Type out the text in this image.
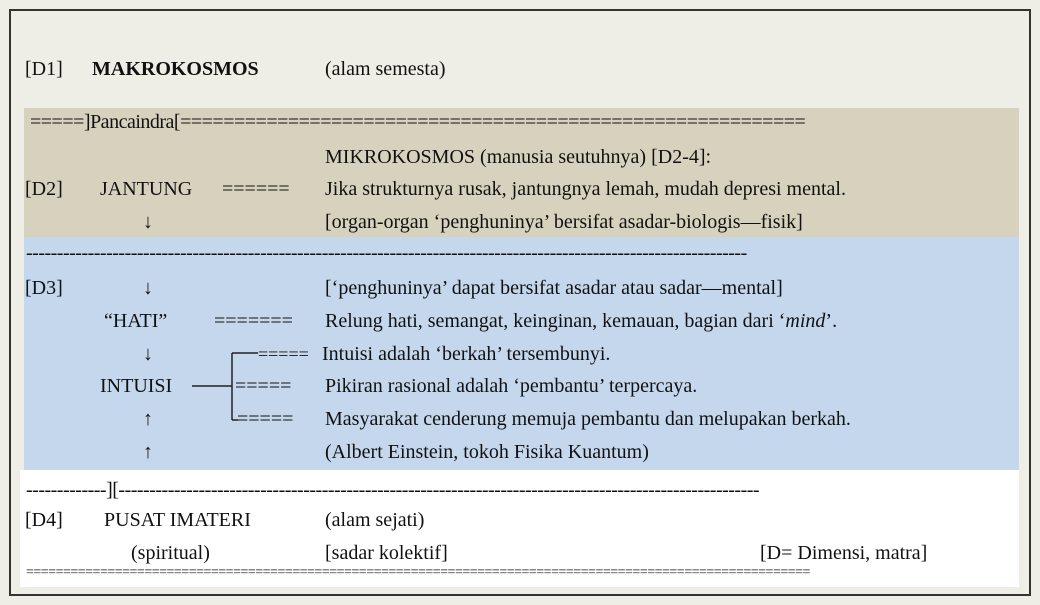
[D1] MAKROKOSMOS	(alam semesta)
=====]Pancaindra[==========================================================
MIKROKOSMOS (manusia seutuhnya) [D2-4]:
[D2] JANTUNG ====== Jika strukturnya rusak, jantungnya lemah, mudah depresi mental.
↓	[organ-organ ‘penghuninya’ bersifat asadar-biologis—fisik]
---------------------------------------------------------------------------------------------------------------------
[D3]	↓	[‘penghuninya’ dapat bersifat asadar atau sadar—mental]
“HATI” ======= Relung hati, semangat, keinginan, kemauan, bagian dari ‘mind’.
↓	===== Intuisi adalah ‘berkah’ tersembunyi.
INTUISI	===== Pikiran rasional adalah ‘pembantu’ terpercaya.
↑	===== Masyarakat cenderung memuja pembantu dan melupakan berkah.
↑	(Albert Einstein, tokoh Fisika Kuantum)
-------------][--------------------------------------------------------------------------------------------------------
[D4] PUSAT IMATERI	(alam sejati)
(spiritual)	[sadar kolektif]	[D= Dimensi, matra]
==========================================================================================================
